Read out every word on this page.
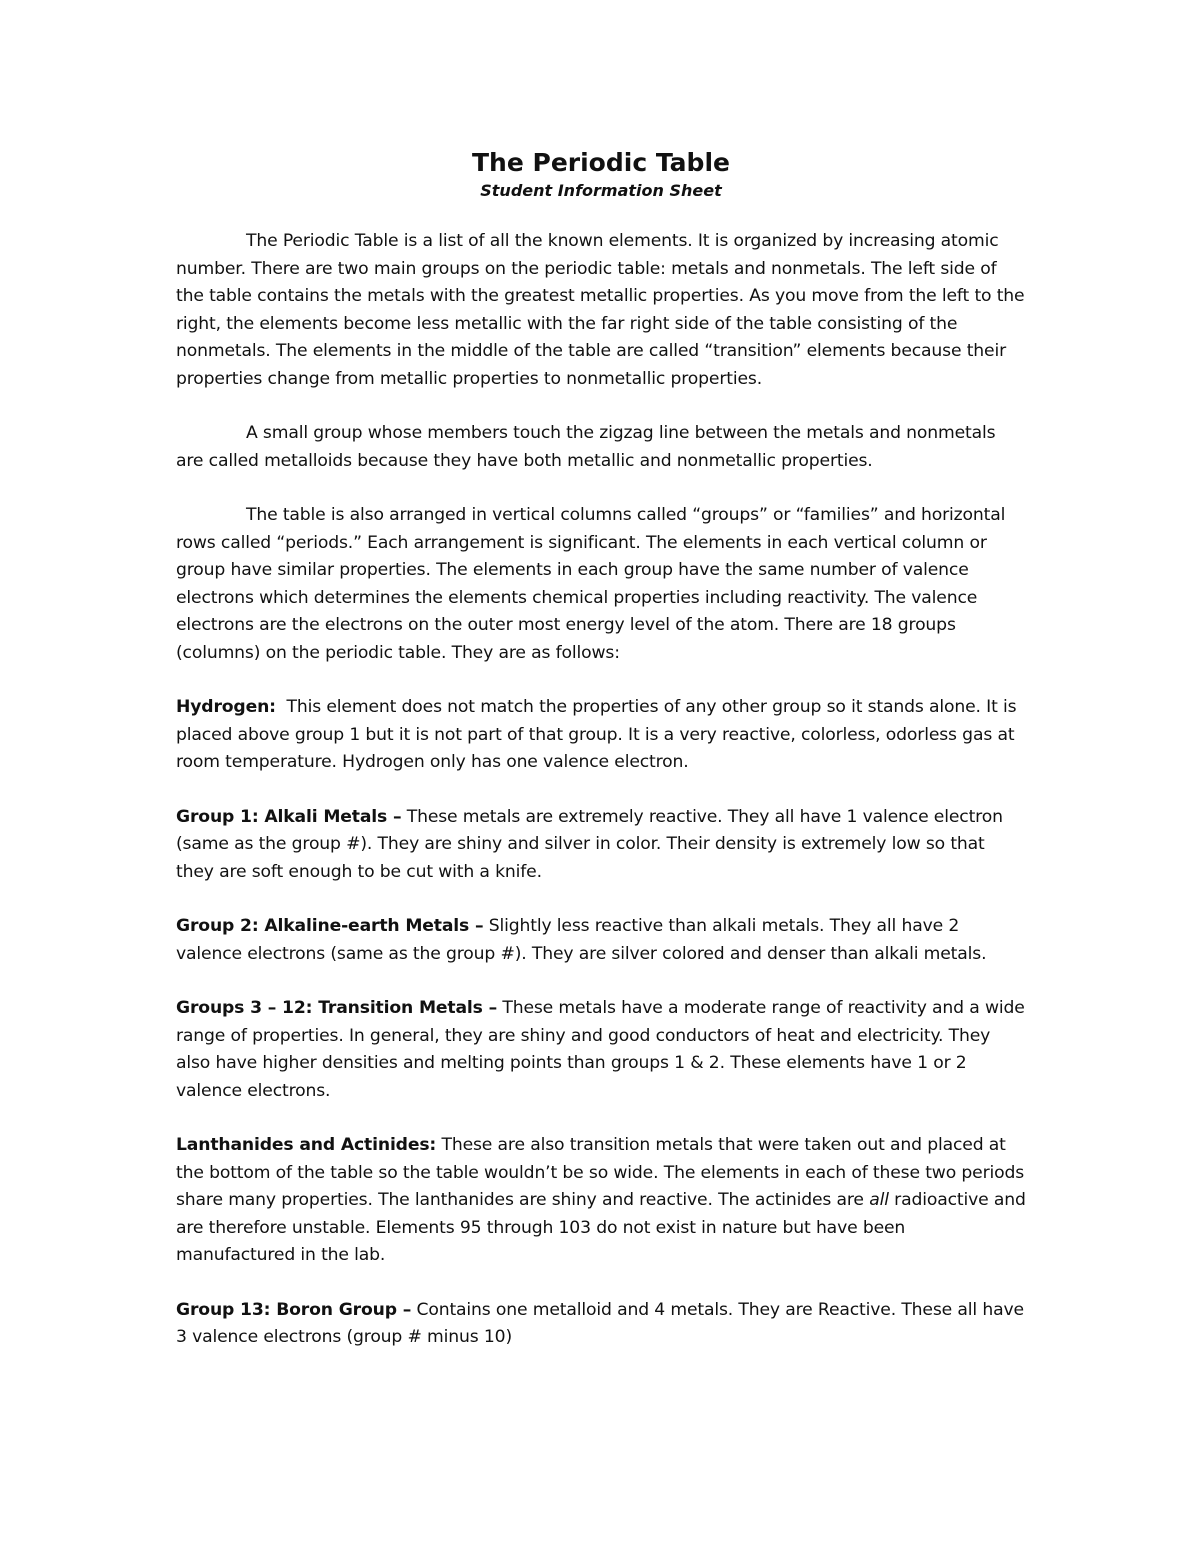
The Periodic Table
Student Information Sheet

The Periodic Table is a list of all the known elements. It is organized by increasing atomic number. There are two main groups on the periodic table: metals and nonmetals. The left side of the table contains the metals with the greatest metallic properties. As you move from the left to the right, the elements become less metallic with the far right side of the table consisting of the nonmetals. The elements in the middle of the table are called “transition” elements because their properties change from metallic properties to nonmetallic properties.

A small group whose members touch the zigzag line between the metals and nonmetals are called metalloids because they have both metallic and nonmetallic properties.

The table is also arranged in vertical columns called “groups” or “families” and horizontal rows called “periods.” Each arrangement is significant. The elements in each vertical column or group have similar properties. The elements in each group have the same number of valence electrons which determines the elements chemical properties including reactivity. The valence electrons are the electrons on the outer most energy level of the atom. There are 18 groups (columns) on the periodic table. They are as follows:

Hydrogen: This element does not match the properties of any other group so it stands alone. It is placed above group 1 but it is not part of that group. It is a very reactive, colorless, odorless gas at room temperature. Hydrogen only has one valence electron.

Group 1: Alkali Metals – These metals are extremely reactive. They all have 1 valence electron (same as the group #). They are shiny and silver in color. Their density is extremely low so that they are soft enough to be cut with a knife.

Group 2: Alkaline-earth Metals – Slightly less reactive than alkali metals. They all have 2 valence electrons (same as the group #). They are silver colored and denser than alkali metals.

Groups 3 – 12: Transition Metals – These metals have a moderate range of reactivity and a wide range of properties. In general, they are shiny and good conductors of heat and electricity. They also have higher densities and melting points than groups 1 & 2. These elements have 1 or 2 valence electrons.

Lanthanides and Actinides: These are also transition metals that were taken out and placed at the bottom of the table so the table wouldn’t be so wide. The elements in each of these two periods share many properties. The lanthanides are shiny and reactive. The actinides are all radioactive and are therefore unstable. Elements 95 through 103 do not exist in nature but have been manufactured in the lab.

Group 13: Boron Group – Contains one metalloid and 4 metals. They are Reactive. These all have 3 valence electrons (group # minus 10)
